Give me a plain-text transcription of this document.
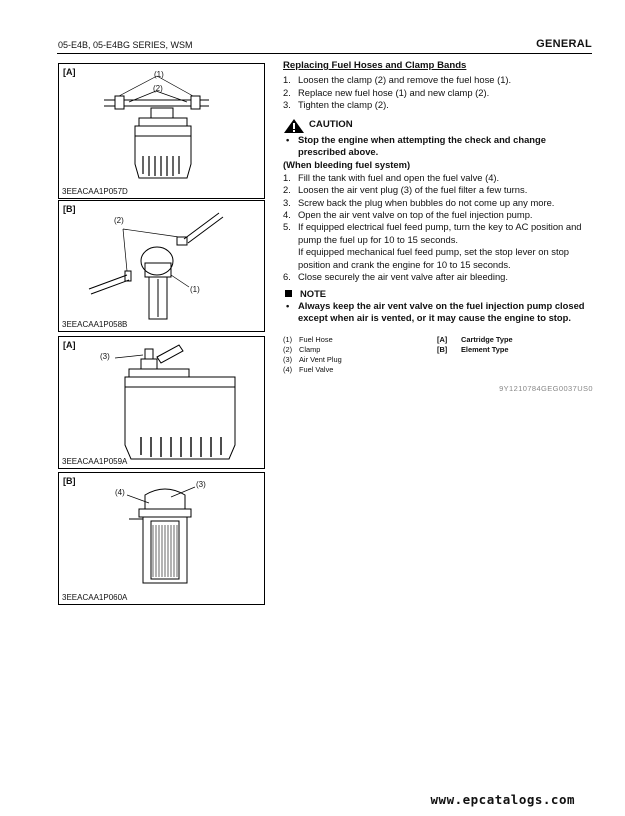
05-E4B, 05-E4BG SERIES, WSM	GENERAL
[A]	(1)
(2)
3EEACAA1P057D
[B]
(2)
(1)
3EEACAA1P058B
[A]
(3)
3EEACAA1P059A
[B]
(4)
(3)
3EEACAA1P060A
Replacing Fuel Hoses and Clamp Bands
1. Loosen the clamp (2) and remove the fuel hose (1).
2. Replace new fuel hose (1) and new clamp (2).
3. Tighten the clamp (2).
CAUTION
• Stop the engine when attempting the check and change prescribed above.
(When bleeding fuel system)
1. Fill the tank with fuel and open the fuel valve (4).
2. Loosen the air vent plug (3) of the fuel filter a few turns.
3. Screw back the plug when bubbles do not come up any more.
4. Open the air vent valve on top of the fuel injection pump.
5. If equipped electrical fuel feed pump, turn the key to AC position and pump the fuel up for 10 to 15 seconds.
If equipped mechanical fuel feed pump, set the stop lever on stop position and crank the engine for 10 to 15 seconds.
6. Close securely the air vent valve after air bleeding.
NOTE
• Always keep the air vent valve on the fuel injection pump closed except when air is vented, or it may cause the engine to stop.
(1) Fuel Hose
(2) Clamp
(3) Air Vent Plug
(4) Fuel Valve
[A]	Cartridge Type
[B]	Element Type
9Y1210784GEG0037US0
www.epcatalogs.com
